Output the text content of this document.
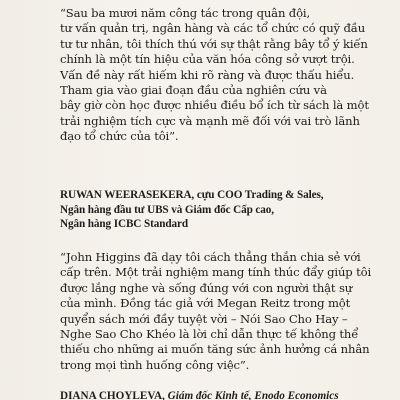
“Sau ba mươi năm công tác trong quân đội,
tư vấn quản trị, ngân hàng và các tổ chức có quỹ đầu
tư tư nhân, tôi thích thú với sự thật rằng bây tổ ý kiến
chính là một tín hiệu của văn hóa công sở vượt trội.
Vấn đề này rất hiếm khi rõ ràng và được thấu hiểu.
Tham gia vào giai đoạn đầu của nghiên cứu và
bây giờ còn học được nhiều điều bổ ích từ sách là một
trải nghiệm tích cực và mạnh mẽ đối với vai trò lãnh
đạo tổ chức của tôi”.

RUWAN WEERASEKERA, cựu COO Trading & Sales,
Ngân hàng đầu tư UBS và Giám đốc Cấp cao,
Ngân hàng ICBC Standard

“John Higgins đã dạy tôi cách thẳng thắn chia sẻ với
cấp trên. Một trải nghiệm mang tính thúc đẩy giúp tôi
được lắng nghe và sống đúng với con người thật sự
của mình. Đồng tác giả với Megan Reitz trong một
quyển sách mới đầy tuyệt vời – Nói Sao Cho Hay –
Nghe Sao Cho Khéo là lời chỉ dẫn thực tế không thể
thiếu cho những ai muốn tăng sức ảnh hưởng cá nhân
trong mọi tình huống công việc”.

DIANA CHOYLEVA, Giám đốc Kinh tế, Enodo Economics
